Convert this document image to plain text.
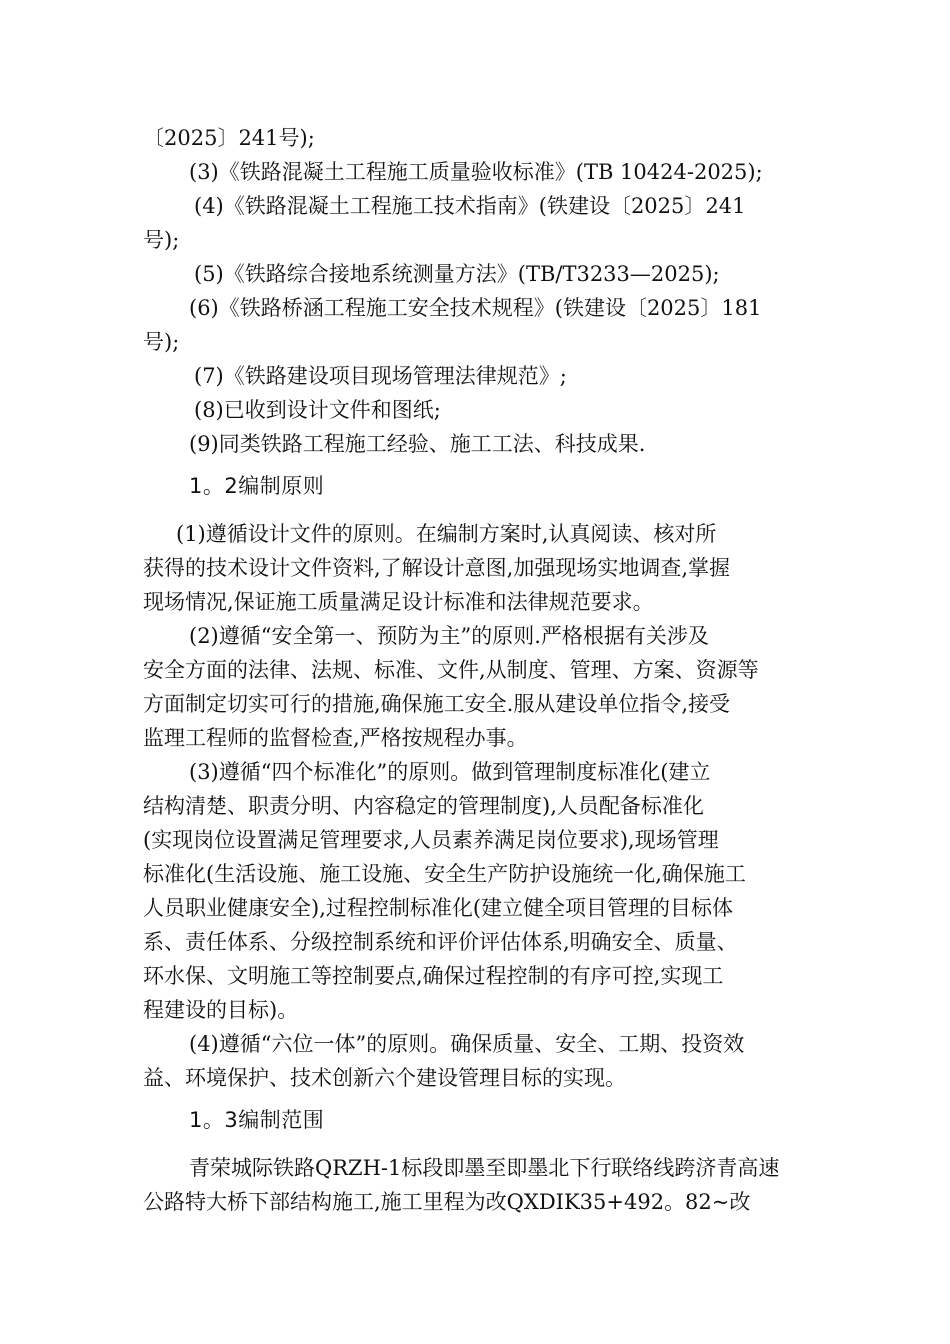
〔2025〕241号);
(3)《铁路混凝土工程施工质量验收标准》(TB 10424-2025);
(4)《铁路混凝土工程施工技术指南》(铁建设〔2025〕241
号);
(5)《铁路综合接地系统测量方法》(TB/T3233—2025);
(6)《铁路桥涵工程施工安全技术规程》(铁建设〔2025〕181
号);
(7)《铁路建设项目现场管理法律规范》;
(8)已收到设计文件和图纸;
(9)同类铁路工程施工经验、施工工法、科技成果.
1。2编制原则
(1)遵循设计文件的原则。在编制方案时,认真阅读、核对所
获得的技术设计文件资料,了解设计意图,加强现场实地调查,掌握
现场情况,保证施工质量满足设计标准和法律规范要求。
(2)遵循“安全第一、预防为主”的原则.严格根据有关涉及
安全方面的法律、法规、标准、文件,从制度、管理、方案、资源等
方面制定切实可行的措施,确保施工安全.服从建设单位指令,接受
监理工程师的监督检查,严格按规程办事。
(3)遵循“四个标准化”的原则。做到管理制度标准化(建立
结构清楚、职责分明、内容稳定的管理制度),人员配备标准化
(实现岗位设置满足管理要求,人员素养满足岗位要求),现场管理
标准化(生活设施、施工设施、安全生产防护设施统一化,确保施工
人员职业健康安全),过程控制标准化(建立健全项目管理的目标体
系、责任体系、分级控制系统和评价评估体系,明确安全、质量、
环水保、文明施工等控制要点,确保过程控制的有序可控,实现工
程建设的目标)。
(4)遵循“六位一体”的原则。确保质量、安全、工期、投资效
益、环境保护、技术创新六个建设管理目标的实现。
1。3编制范围
青荣城际铁路QRZH-1标段即墨至即墨北下行联络线跨济青高速
公路特大桥下部结构施工,施工里程为改QXDIK35+492。82~改
